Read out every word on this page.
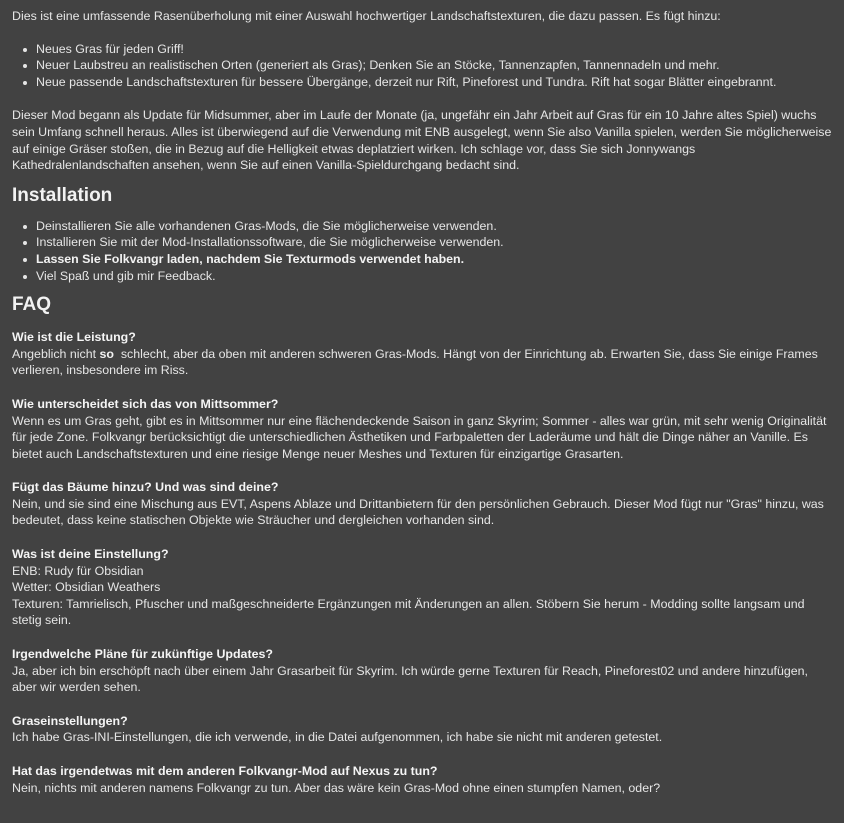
Dies ist eine umfassende Rasenüberholung mit einer Auswahl hochwertiger Landschaftstexturen, die dazu passen. Es fügt hinzu:

Neues Gras für jeden Griff!
Neuer Laubstreu an realistischen Orten (generiert als Gras); Denken Sie an Stöcke, Tannenzapfen, Tannennadeln und mehr.
Neue passende Landschaftstexturen für bessere Übergänge, derzeit nur Rift, Pineforest und Tundra. Rift hat sogar Blätter eingebrannt.

Dieser Mod begann als Update für Midsummer, aber im Laufe der Monate (ja, ungefähr ein Jahr Arbeit auf Gras für ein 10 Jahre altes Spiel) wuchs sein Umfang schnell heraus. Alles ist überwiegend auf die Verwendung mit ENB ausgelegt, wenn Sie also Vanilla spielen, werden Sie möglicherweise auf einige Gräser stoßen, die in Bezug auf die Helligkeit etwas deplatziert wirken. Ich schlage vor, dass Sie sich Jonnywangs Kathedralenlandschaften ansehen, wenn Sie auf einen Vanilla-Spieldurchgang bedacht sind.

Installation
Deinstallieren Sie alle vorhandenen Gras-Mods, die Sie möglicherweise verwenden.
Installieren Sie mit der Mod-Installationssoftware, die Sie möglicherweise verwenden.
Lassen Sie Folkvangr laden, nachdem Sie Texturmods verwendet haben.
Viel Spaß und gib mir Feedback.
FAQ
Wie ist die Leistung?
Angeblich nicht so  schlecht, aber da oben mit anderen schweren Gras-Mods. Hängt von der Einrichtung ab. Erwarten Sie, dass Sie einige Frames verlieren, insbesondere im Riss.
Wie unterscheidet sich das von Mittsommer?
Wenn es um Gras geht, gibt es in Mittsommer nur eine flächendeckende Saison in ganz Skyrim; Sommer - alles war grün, mit sehr wenig Originalität für jede Zone. Folkvangr berücksichtigt die unterschiedlichen Ästhetiken und Farbpaletten der Laderäume und hält die Dinge näher an Vanille. Es bietet auch Landschaftstexturen und eine riesige Menge neuer Meshes und Texturen für einzigartige Grasarten.
Fügt das Bäume hinzu? Und was sind deine?
Nein, und sie sind eine Mischung aus EVT, Aspens Ablaze und Drittanbietern für den persönlichen Gebrauch. Dieser Mod fügt nur "Gras" hinzu, was bedeutet, dass keine statischen Objekte wie Sträucher und dergleichen vorhanden sind.
Was ist deine Einstellung?
ENB: Rudy für Obsidian
Wetter: Obsidian Weathers
Texturen: Tamrielisch, Pfuscher und maßgeschneiderte Ergänzungen mit Änderungen an allen. Stöbern Sie herum - Modding sollte langsam und stetig sein.
Irgendwelche Pläne für zukünftige Updates?
Ja, aber ich bin erschöpft nach über einem Jahr Grasarbeit für Skyrim. Ich würde gerne Texturen für Reach, Pineforest02 und andere hinzufügen, aber wir werden sehen.
Graseinstellungen?
Ich habe Gras-INI-Einstellungen, die ich verwende, in die Datei aufgenommen, ich habe sie nicht mit anderen getestet.
Hat das irgendetwas mit dem anderen Folkvangr-Mod auf Nexus zu tun?
Nein, nichts mit anderen namens Folkvangr zu tun. Aber das wäre kein Gras-Mod ohne einen stumpfen Namen, oder?
